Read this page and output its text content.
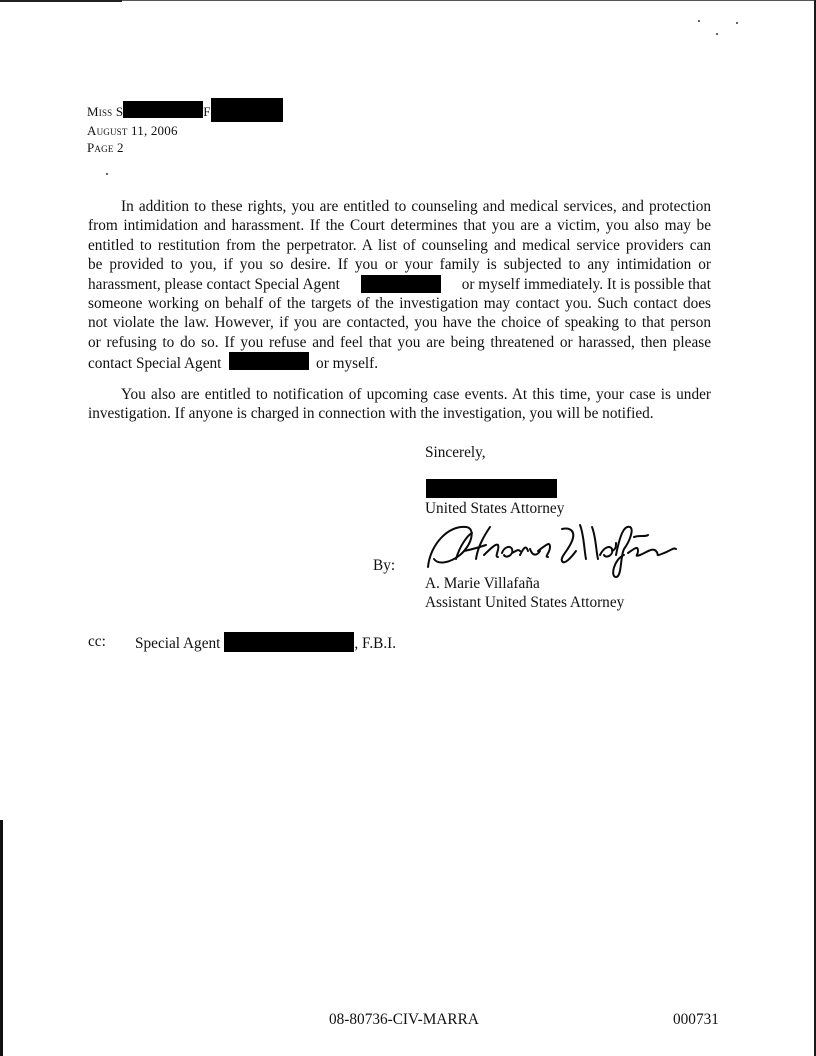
Miss S	F
August 11, 2006
Page 2
In addition to these rights, you are entitled to counseling and medical services, and protection
from intimidation and harassment. If the Court determines that you are a victim, you also may be
entitled to restitution from the perpetrator. A list of counseling and medical service providers can
be provided to you, if you so desire. If you or your family is subjected to any intimidation or
harassment, please contact Special Agent	or myself immediately. It is possible that
someone working on behalf of the targets of the investigation may contact you. Such contact does
not violate the law. However, if you are contacted, you have the choice of speaking to that person
or refusing to do so. If you refuse and feel that you are being threatened or harassed, then please
contact Special Agent	or myself.
You also are entitled to notification of upcoming case events. At this time, your case is under
investigation. If anyone is charged in connection with the investigation, you will be notified.
Sincerely,
United States Attorney
By:
A. Marie Villafaña
Assistant United States Attorney
cc: Special Agent	, F.B.I.
08-80736-CIV-MARRA	000731
